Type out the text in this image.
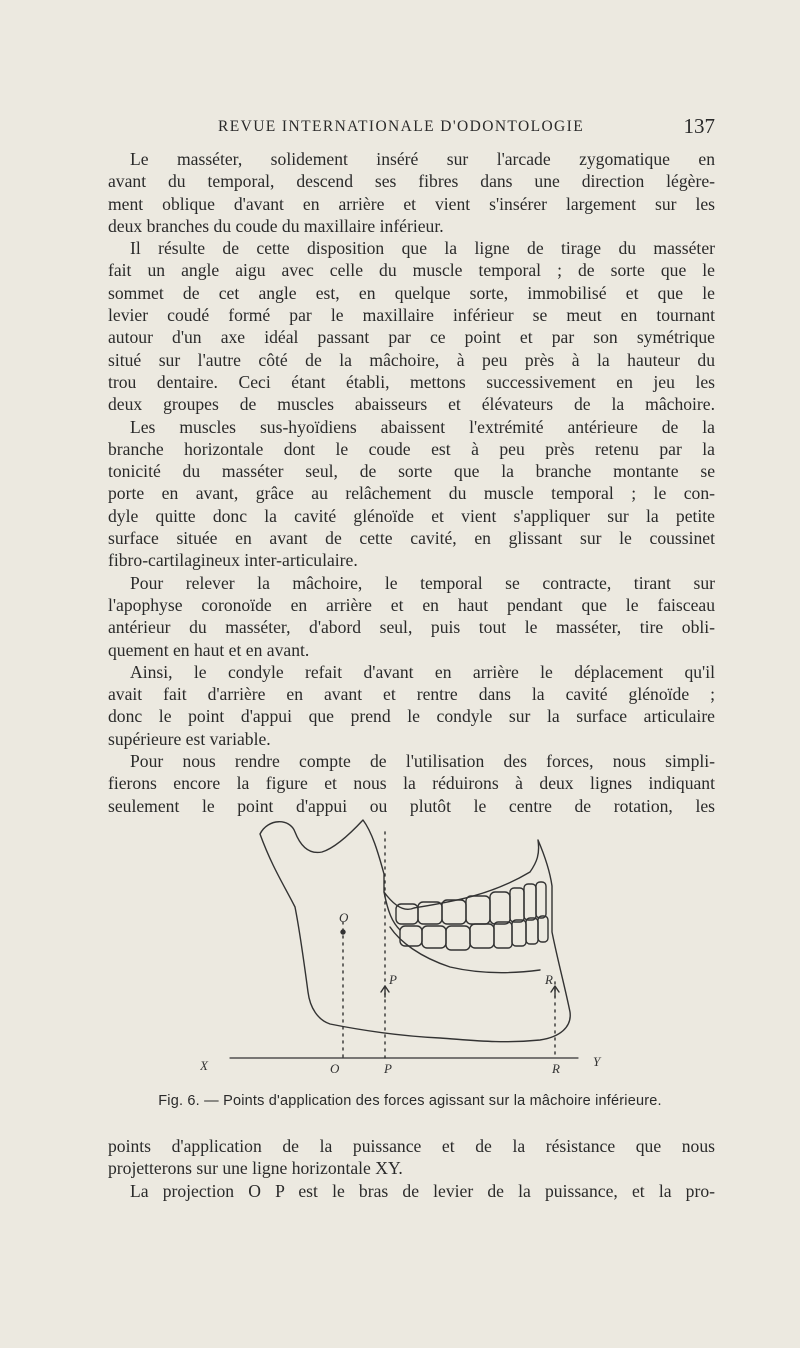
REVUE INTERNATIONALE D'ODONTOLOGIE	137
Le masséter, solidement inséré sur l'arcade zygomatique en
avant du temporal, descend ses fibres dans une direction légère-
ment oblique d'avant en arrière et vient s'insérer largement sur les
deux branches du coude du maxillaire inférieur.
Il résulte de cette disposition que la ligne de tirage du masséter
fait un angle aigu avec celle du muscle temporal ; de sorte que le
sommet de cet angle est, en quelque sorte, immobilisé et que le
levier coudé formé par le maxillaire inférieur se meut en tournant
autour d'un axe idéal passant par ce point et par son symétrique
situé sur l'autre côté de la mâchoire, à peu près à la hauteur du
trou dentaire. Ceci étant établi, mettons successivement en jeu les
deux groupes de muscles abaisseurs et élévateurs de la mâchoire.
Les muscles sus-hyoïdiens abaissent l'extrémité antérieure de la
branche horizontale dont le coude est à peu près retenu par la
tonicité du masséter seul, de sorte que la branche montante se
porte en avant, grâce au relâchement du muscle temporal ; le con-
dyle quitte donc la cavité glénoïde et vient s'appliquer sur la petite
surface située en avant de cette cavité, en glissant sur le coussinet
fibro-cartilagineux inter-articulaire.
Pour relever la mâchoire, le temporal se contracte, tirant sur
l'apophyse coronoïde en arrière et en haut pendant que le faisceau
antérieur du masséter, d'abord seul, puis tout le masséter, tire obli-
quement en haut et en avant.
Ainsi, le condyle refait d'avant en arrière le déplacement qu'il
avait fait d'arrière en avant et rentre dans la cavité glénoïde ;
donc le point d'appui que prend le condyle sur la surface articulaire
supérieure est variable.
Pour nous rendre compte de l'utilisation des forces, nous simpli-
fierons encore la figure et nous la réduirons à deux lignes indiquant
seulement le point d'appui ou plutôt le centre de rotation, les
O
P	R
X	Y
O	P	R
Fig. 6. — Points d'application des forces agissant sur la mâchoire inférieure.
points d'application de la puissance et de la résistance que nous
projetterons sur une ligne horizontale XY.
La projection O P est le bras de levier de la puissance, et la pro-
